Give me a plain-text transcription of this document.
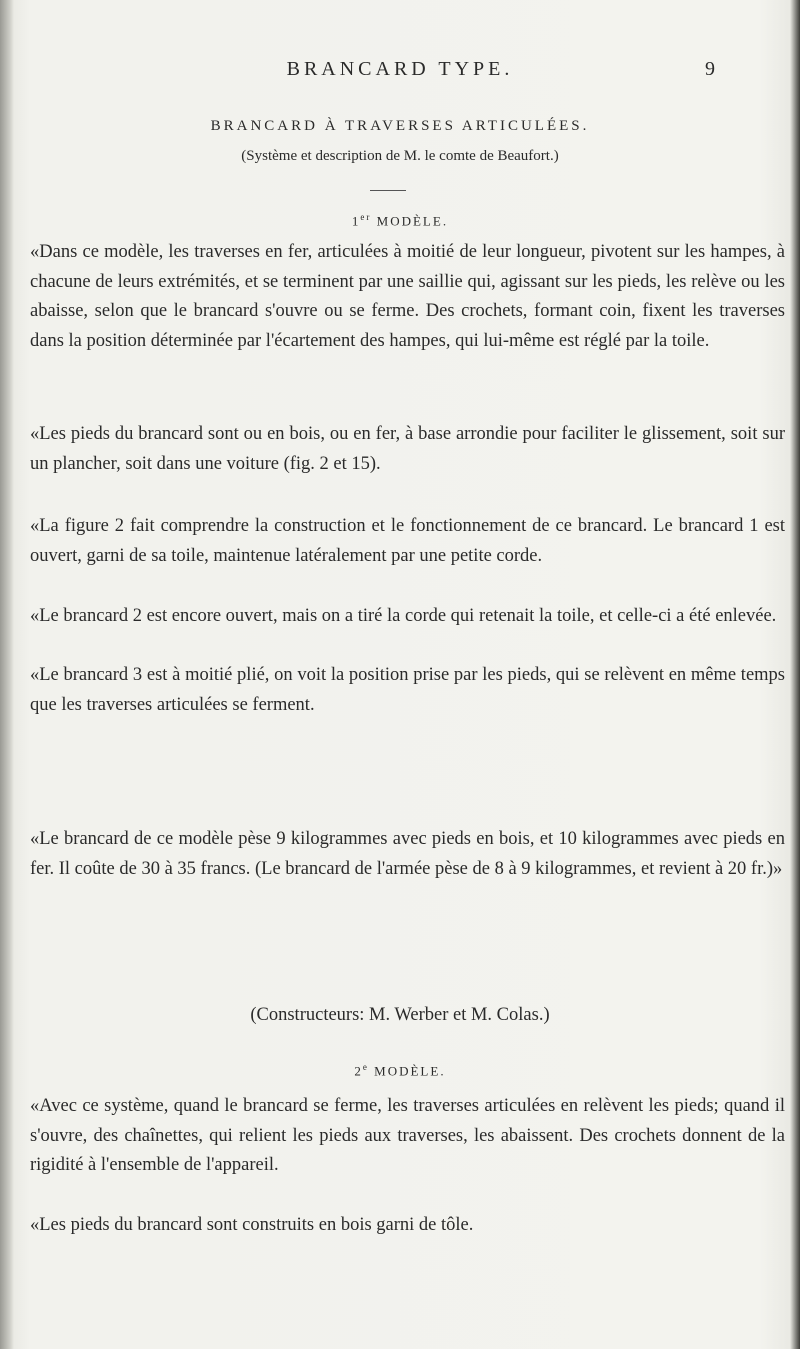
BRANCARD TYPE.	9
BRANCARD À TRAVERSES ARTICULÉES.
(Système et description de M. le comte de Beaufort.)
1er MODÈLE.
«Dans ce modèle, les traverses en fer, articulées à moitié de leur longueur, pivotent sur les hampes, à chacune de leurs extrémités, et se terminent par une saillie qui, agissant sur les pieds, les relève ou les abaisse, selon que le brancard s'ouvre ou se ferme. Des crochets, formant coin, fixent les traverses dans la position déterminée par l'écartement des hampes, qui lui-même est réglé par la toile.
«Les pieds du brancard sont ou en bois, ou en fer, à base arrondie pour faciliter le glissement, soit sur un plancher, soit dans une voiture (fig. 2 et 15).
«La figure 2 fait comprendre la construction et le fonctionnement de ce brancard. Le brancard 1 est ouvert, garni de sa toile, maintenue latéralement par une petite corde.
«Le brancard 2 est encore ouvert, mais on a tiré la corde qui retenait la toile, et celle-ci a été enlevée.
«Le brancard 3 est à moitié plié, on voit la position prise par les pieds, qui se relèvent en même temps que les traverses articulées se ferment.
«Le brancard de ce modèle pèse 9 kilogrammes avec pieds en bois, et 10 kilogrammes avec pieds en fer. Il coûte de 30 à 35 francs. (Le brancard de l'armée pèse de 8 à 9 kilogrammes, et revient à 20 fr.)»
(Constructeurs: M. Werber et M. Colas.)
2e MODÈLE.
«Avec ce système, quand le brancard se ferme, les traverses articulées en relèvent les pieds; quand il s'ouvre, des chaînettes, qui relient les pieds aux traverses, les abaissent. Des crochets donnent de la rigidité à l'ensemble de l'appareil.
«Les pieds du brancard sont construits en bois garni de tôle.
